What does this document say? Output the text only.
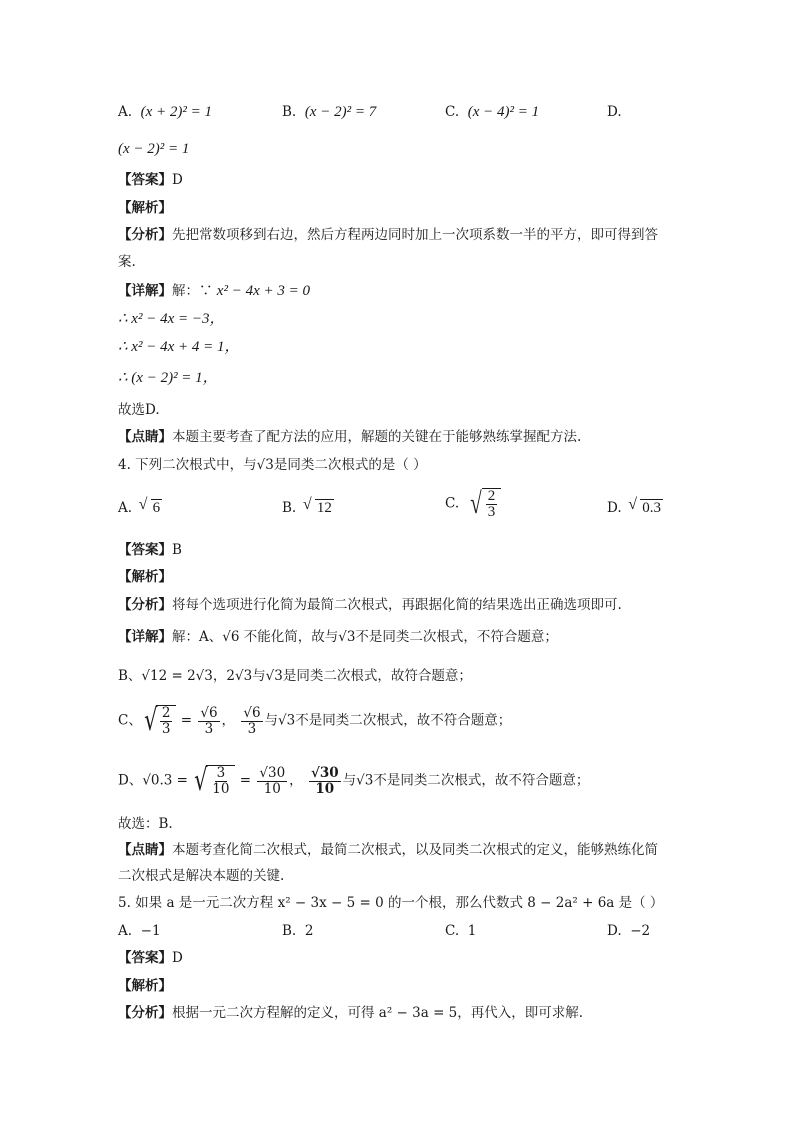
A. (x + 2)² = 1	B. (x − 2)² = 7	C. (x − 4)² = 1	D.
(x − 2)² = 1
【答案】D
【解析】
【分析】先把常数项移到右边，然后方程两边同时加上一次项系数一半的平方，即可得到答
案.
【详解】解：∵ x² − 4x + 3 = 0
∴ x² − 4x = −3，
∴ x² − 4x + 4 = 1，
∴ (x − 2)² = 1，
故选D.
【点睛】本题主要考查了配方法的应用，解题的关键在于能够熟练掌握配方法.
4. 下列二次根式中，与√3是同类二次根式的是（ ）
A. √ 6	B. √ 12	C. √ $\frac{2}{3}$	D. √ 0.3
【答案】B
【解析】
【分析】将每个选项进行化简为最简二次根式，再跟据化简的结果选出正确选项即可.
【详解】解：A、√6 不能化简，故与√3不是同类二次根式，不符合题意；
B、√12 = 2√3，2√3与√3是同类二次根式，故符合题意；
C、 √ $\frac{2}{3} = \frac{√6}{3}$ ， $\frac{√6}{3}$ 与√3不是同类二次根式，故不符合题意；
D、√0.3 = √ $\frac{3}{10} = \frac{√30}{10}$ ， $\frac{√30}{10}$ 与√3不是同类二次根式，故不符合题意；
故选：B.
【点睛】本题考查化简二次根式，最简二次根式，以及同类二次根式的定义，能够熟练化简
二次根式是解决本题的关键.
5. 如果 a 是一元二次方程 x² − 3x − 5 = 0 的一个根，那么代数式 8 − 2a² + 6a 是（ ）
A. −1	B. 2	C. 1	D. −2
【答案】D
【解析】
【分析】根据一元二次方程解的定义，可得 a² − 3a = 5，再代入，即可求解.
